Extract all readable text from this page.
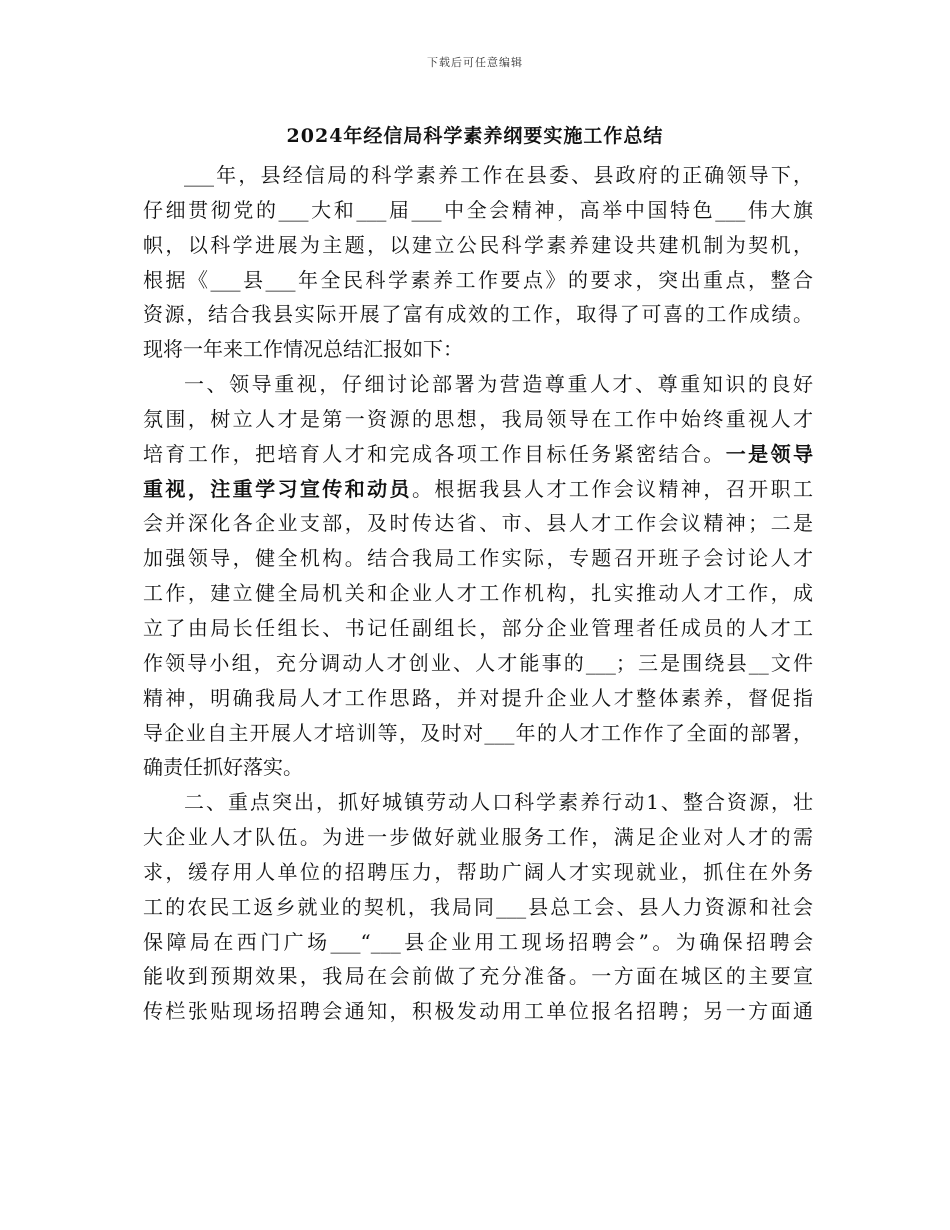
下载后可任意编辑
2024年经信局科学素养纲要实施工作总结
___年，县经信局的科学素养工作在县委、县政府的正确领导下，
仔细贯彻党的___大和___届___中全会精神，高举中国特色___伟大旗
帜，以科学进展为主题，以建立公民科学素养建设共建机制为契机，
根据《___县___年全民科学素养工作要点》的要求，突出重点，整合
资源，结合我县实际开展了富有成效的工作，取得了可喜的工作成绩。
现将一年来工作情况总结汇报如下：
一、领导重视，仔细讨论部署为营造尊重人才、尊重知识的良好
氛围，树立人才是第一资源的思想，我局领导在工作中始终重视人才
培育工作，把培育人才和完成各项工作目标任务紧密结合。一是领导
重视，注重学习宣传和动员。根据我县人才工作会议精神，召开职工
会并深化各企业支部，及时传达省、市、县人才工作会议精神；二是
加强领导，健全机构。结合我局工作实际，专题召开班子会讨论人才
工作，建立健全局机关和企业人才工作机构，扎实推动人才工作，成
立了由局长任组长、书记任副组长，部分企业管理者任成员的人才工
作领导小组，充分调动人才创业、人才能事的___；三是围绕县__文件
精神，明确我局人才工作思路，并对提升企业人才整体素养，督促指
导企业自主开展人才培训等，及时对___年的人才工作作了全面的部署，
确责任抓好落实。
二、重点突出，抓好城镇劳动人口科学素养行动1、整合资源，壮
大企业人才队伍。为进一步做好就业服务工作，满足企业对人才的需
求，缓存用人单位的招聘压力，帮助广阔人才实现就业，抓住在外务
工的农民工返乡就业的契机，我局同___县总工会、县人力资源和社会
保障局在西门广场___“___县企业用工现场招聘会”。为确保招聘会
能收到预期效果，我局在会前做了充分准备。一方面在城区的主要宣
传栏张贴现场招聘会通知，积极发动用工单位报名招聘；另一方面通
